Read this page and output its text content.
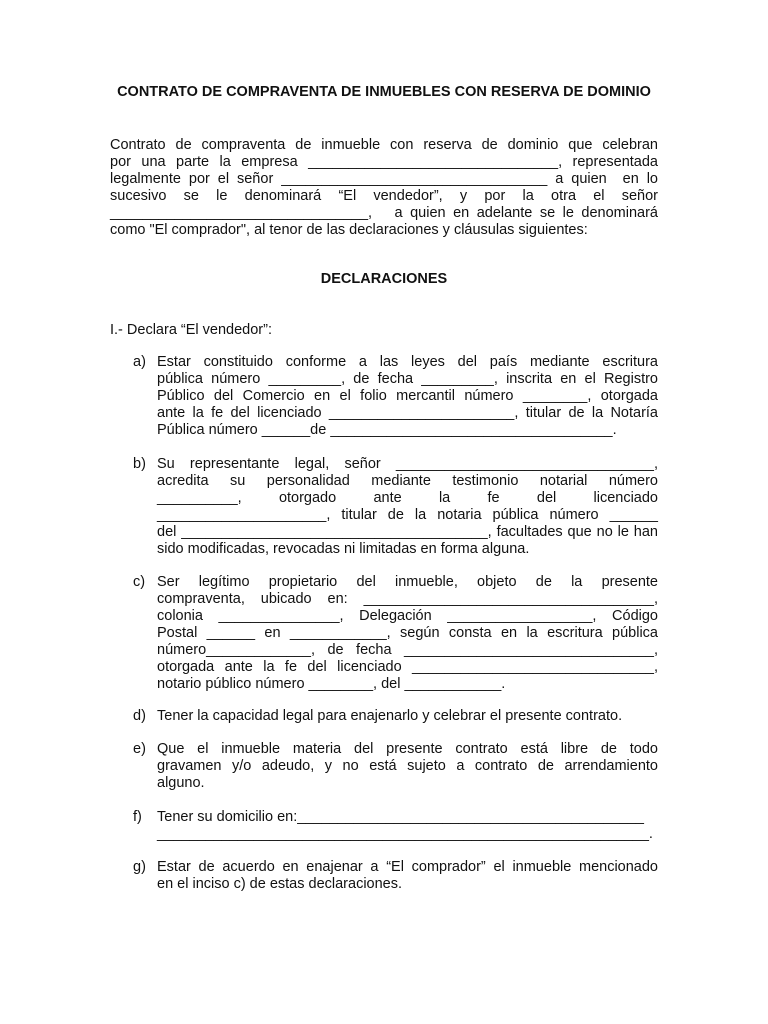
CONTRATO DE COMPRAVENTA DE INMUEBLES CON RESERVA DE DOMINIO
Contrato de compraventa de inmueble con reserva de dominio que celebran
por una parte la empresa _______________________________, representada
legalmente por el señor _________________________________ a quien  en lo
sucesivo se le denominará “El vendedor”, y por la otra el señor
________________________________,   a quien en adelante se le denominará
como "El comprador", al tenor de las declaraciones y cláusulas siguientes:
DECLARACIONES
I.- Declara “El vendedor”:
a) Estar constituido conforme a las leyes del país mediante escritura
pública número _________, de fecha _________, inscrita en el Registro
Público del Comercio en el folio mercantil número ________, otorgada
ante la fe del licenciado _______________________, titular de la Notaría
Pública número ______de ___________________________________.
b) Su representante legal, señor ________________________________,
acredita su personalidad mediante testimonio notarial número
__________, otorgado ante la fe del licenciado
_____________________, titular de la notaria pública número ______
del ______________________________________, facultades que no le han
sido modificadas, revocadas ni limitadas en forma alguna.
c) Ser legítimo propietario del inmueble, objeto de la presente
compraventa, ubicado en: ____________________________________,
colonia _______________, Delegación __________________, Código
Postal ______ en ____________, según consta en la escritura pública
número_____________, de fecha _______________________________,
otorgada ante la fe del licenciado ______________________________,
notario público número ________, del ____________.
d) Tener la capacidad legal para enajenarlo y celebrar el presente contrato.
e) Que el inmueble materia del presente contrato está libre de todo
gravamen y/o adeudo, y no está sujeto a contrato de arrendamiento
alguno.
f)	Tener su domicilio en:___________________________________________
_____________________________________________________________.
g) Estar de acuerdo en enajenar a “El comprador” el inmueble mencionado
en el inciso c) de estas declaraciones.
